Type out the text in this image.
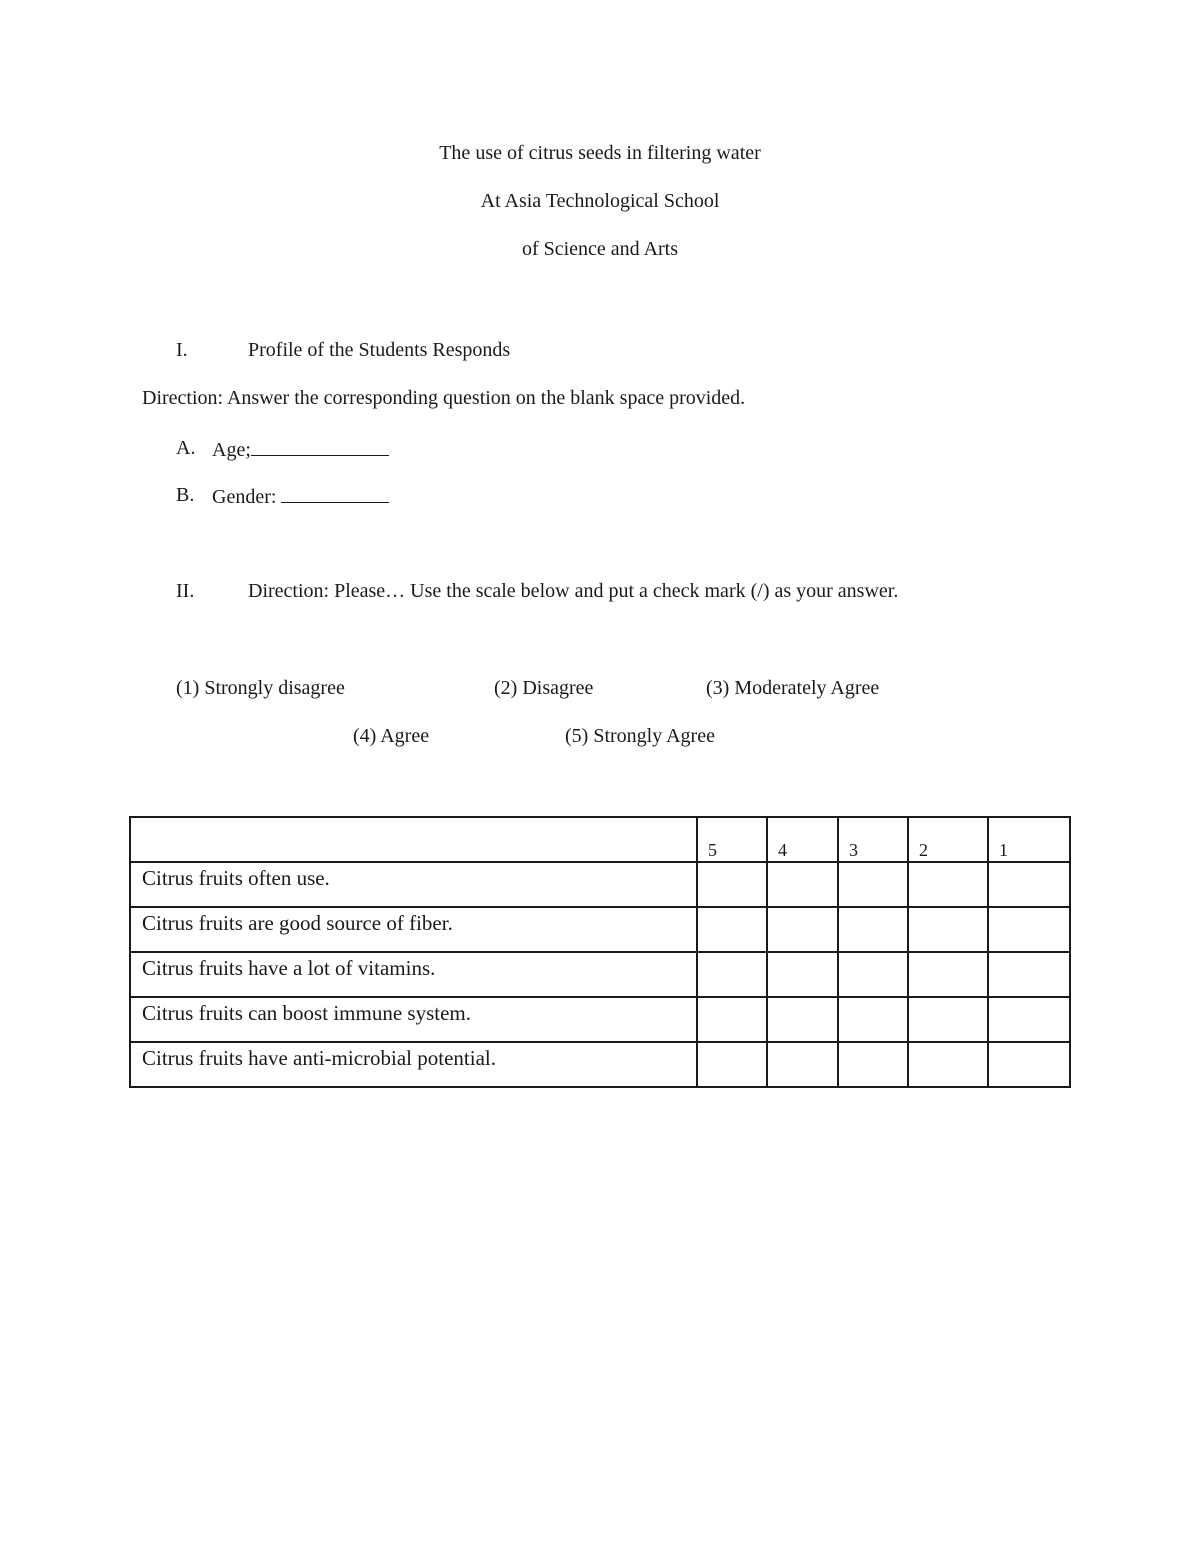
The use of citrus seeds in filtering water
At Asia Technological School
of Science and Arts
I.	Profile of the Students Responds
Direction: Answer the corresponding question on the blank space provided.
A. Age;
B. Gender:
II.	Direction: Please… Use the scale below and put a check mark (/) as your answer.
(1) Strongly disagree	(2) Disagree	(3) Moderately Agree
(4) Agree	(5) Strongly Agree
	5	4	3	2	1
Citrus fruits often use.					
Citrus fruits are good source of fiber.					
Citrus fruits have a lot of vitamins.					
Citrus fruits can boost immune system.					
Citrus fruits have anti-microbial potential.					
